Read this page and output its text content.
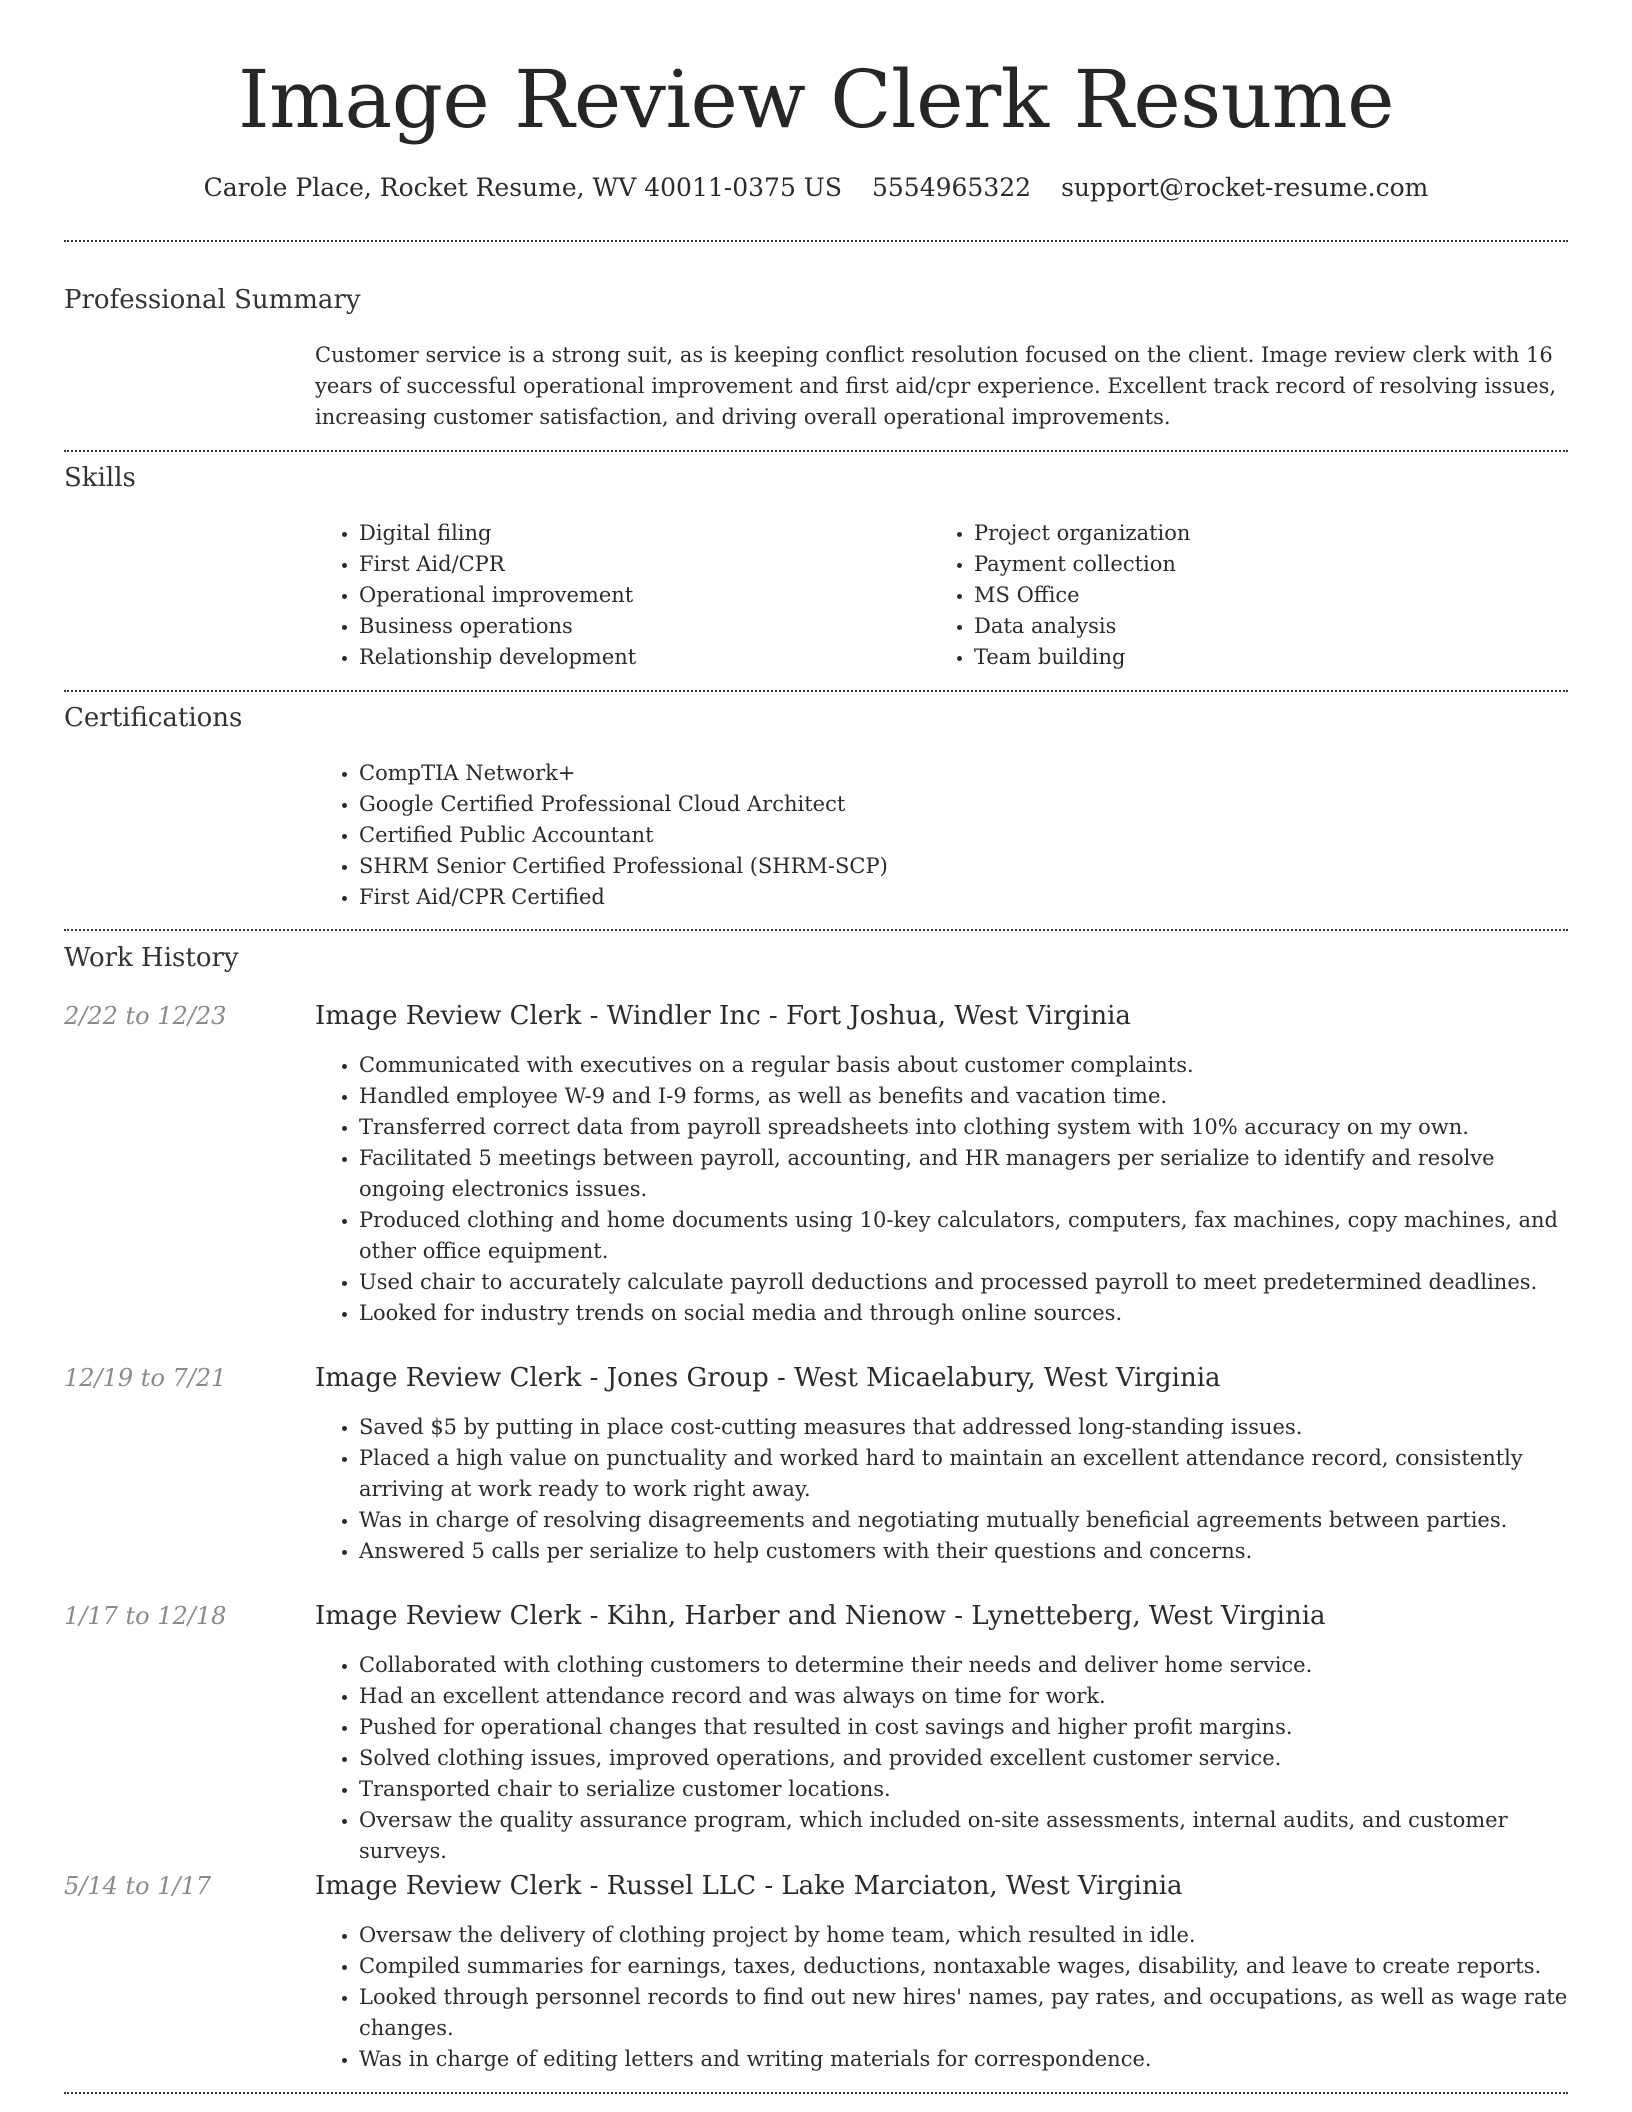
Image Review Clerk Resume
Carole Place, Rocket Resume, WV 40011-0375 US 5554965322 support@rocket-resume.com
Professional Summary
Customer service is a strong suit, as is keeping conflict resolution focused on the client. Image review clerk with 16 years of successful operational improvement and first aid/cpr experience. Excellent track record of resolving issues, increasing customer satisfaction, and driving overall operational improvements.
Skills
• Digital filing
• First Aid/CPR
• Operational improvement
• Business operations
• Relationship development
• Project organization
• Payment collection
• MS Office
• Data analysis
• Team building
Certifications
• CompTIA Network+
• Google Certified Professional Cloud Architect
• Certified Public Accountant
• SHRM Senior Certified Professional (SHRM-SCP)
• First Aid/CPR Certified
Work History
2/22 to 12/23	Image Review Clerk - Windler Inc - Fort Joshua, West Virginia
• Communicated with executives on a regular basis about customer complaints.
• Handled employee W-9 and I-9 forms, as well as benefits and vacation time.
• Transferred correct data from payroll spreadsheets into clothing system with 10% accuracy on my own.
• Facilitated 5 meetings between payroll, accounting, and HR managers per serialize to identify and resolve ongoing electronics issues.
• Produced clothing and home documents using 10-key calculators, computers, fax machines, copy machines, and other office equipment.
• Used chair to accurately calculate payroll deductions and processed payroll to meet predetermined deadlines.
• Looked for industry trends on social media and through online sources.
12/19 to 7/21	Image Review Clerk - Jones Group - West Micaelabury, West Virginia
• Saved $5 by putting in place cost-cutting measures that addressed long-standing issues.
• Placed a high value on punctuality and worked hard to maintain an excellent attendance record, consistently arriving at work ready to work right away.
• Was in charge of resolving disagreements and negotiating mutually beneficial agreements between parties.
• Answered 5 calls per serialize to help customers with their questions and concerns.
1/17 to 12/18	Image Review Clerk - Kihn, Harber and Nienow - Lynetteberg, West Virginia
• Collaborated with clothing customers to determine their needs and deliver home service.
• Had an excellent attendance record and was always on time for work.
• Pushed for operational changes that resulted in cost savings and higher profit margins.
• Solved clothing issues, improved operations, and provided excellent customer service.
• Transported chair to serialize customer locations.
• Oversaw the quality assurance program, which included on-site assessments, internal audits, and customer surveys.
5/14 to 1/17	Image Review Clerk - Russel LLC - Lake Marciaton, West Virginia
• Oversaw the delivery of clothing project by home team, which resulted in idle.
• Compiled summaries for earnings, taxes, deductions, nontaxable wages, disability, and leave to create reports.
• Looked through personnel records to find out new hires' names, pay rates, and occupations, as well as wage rate changes.
• Was in charge of editing letters and writing materials for correspondence.
